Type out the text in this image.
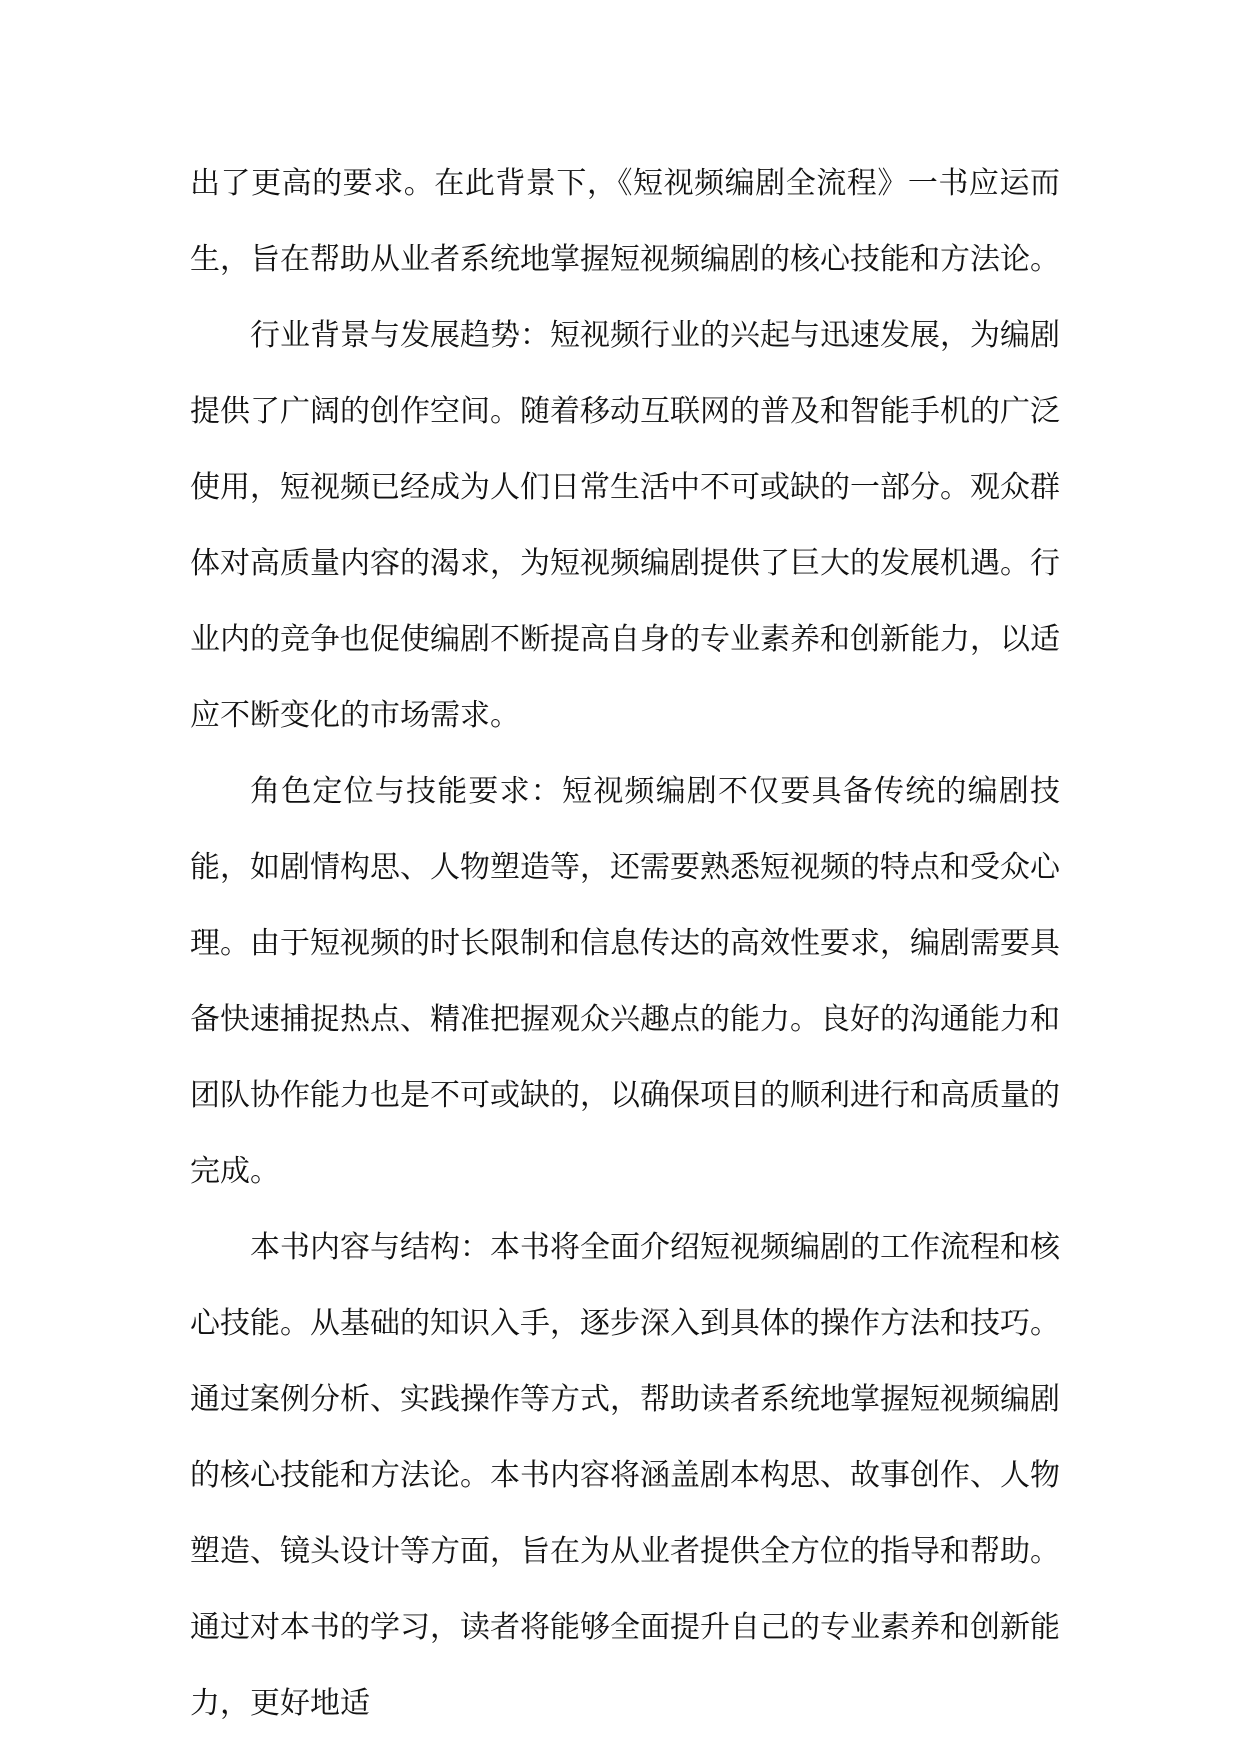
出了更高的要求。在此背景下，《短视频编剧全流程》一书应运而生，旨在帮助从业者系统地掌握短视频编剧的核心技能和方法论。

行业背景与发展趋势：短视频行业的兴起与迅速发展，为编剧提供了广阔的创作空间。随着移动互联网的普及和智能手机的广泛使用，短视频已经成为人们日常生活中不可或缺的一部分。观众群体对高质量内容的渴求，为短视频编剧提供了巨大的发展机遇。行业内的竞争也促使编剧不断提高自身的专业素养和创新能力，以适应不断变化的市场需求。

角色定位与技能要求：短视频编剧不仅要具备传统的编剧技能，如剧情构思、人物塑造等，还需要熟悉短视频的特点和受众心理。由于短视频的时长限制和信息传达的高效性要求，编剧需要具备快速捕捉热点、精准把握观众兴趣点的能力。良好的沟通能力和团队协作能力也是不可或缺的，以确保项目的顺利进行和高质量的完成。

本书内容与结构：本书将全面介绍短视频编剧的工作流程和核心技能。从基础的知识入手，逐步深入到具体的操作方法和技巧。通过案例分析、实践操作等方式，帮助读者系统地掌握短视频编剧的核心技能和方法论。本书内容将涵盖剧本构思、故事创作、人物塑造、镜头设计等方面，旨在为从业者提供全方位的指导和帮助。通过对本书的学习，读者将能够全面提升自己的专业素养和创新能力，更好地适
